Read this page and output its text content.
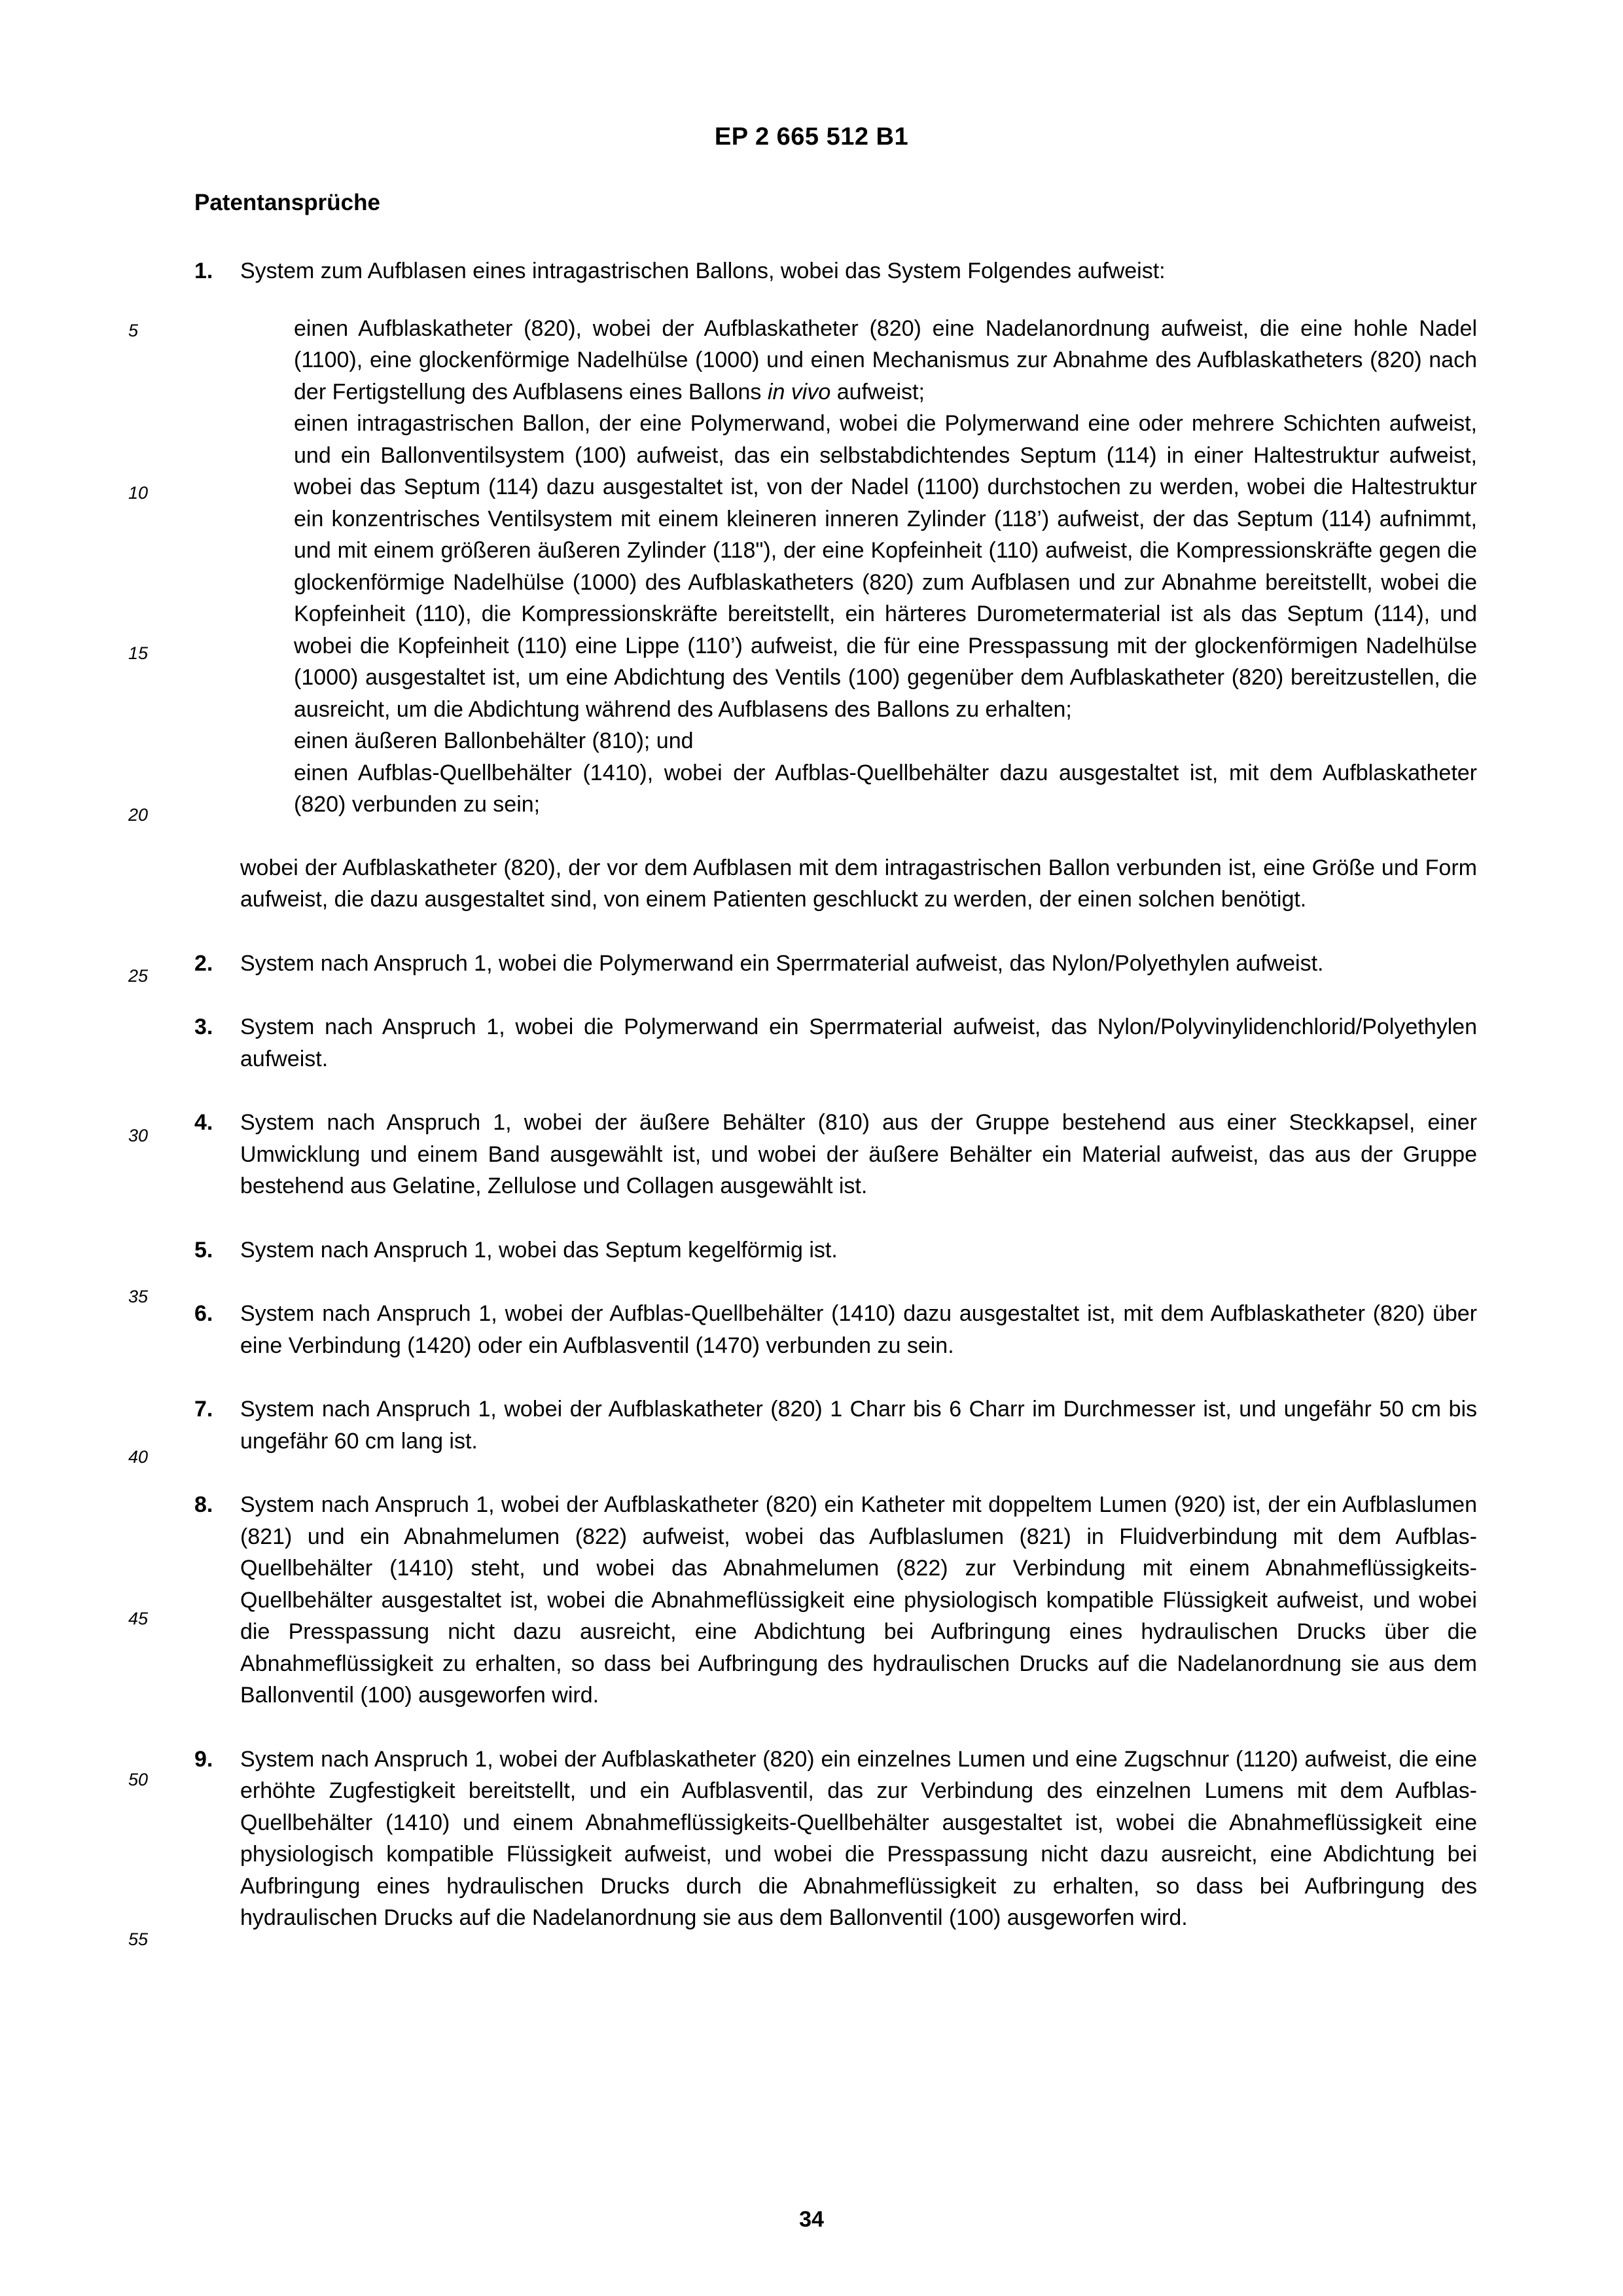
EP 2 665 512 B1
Patentansprüche
5
10
15
20
25
30
35
40
45
50
55
1.	System zum Aufblasen eines intragastrischen Ballons, wobei das System Folgendes aufweist:

einen Aufblaskatheter (820), wobei der Aufblaskatheter (820) eine Nadelanordnung aufweist, die eine hohle Nadel (1100), eine glockenförmige Nadelhülse (1000) und einen Mechanismus zur Abnahme des Aufblaskatheters (820) nach der Fertigstellung des Aufblasens eines Ballons in vivo aufweist;

einen intragastrischen Ballon, der eine Polymerwand, wobei die Polymerwand eine oder mehrere Schichten aufweist, und ein Ballonventilsystem (100) aufweist, das ein selbstabdichtendes Septum (114) in einer Haltestruktur aufweist, wobei das Septum (114) dazu ausgestaltet ist, von der Nadel (1100) durchstochen zu werden, wobei die Haltestruktur ein konzentrisches Ventilsystem mit einem kleineren inneren Zylinder (118’) aufweist, der das Septum (114) aufnimmt, und mit einem größeren äußeren Zylinder (118"), der eine Kopfeinheit (110) aufweist, die Kompressionskräfte gegen die glockenförmige Nadelhülse (1000) des Aufblaskatheters (820) zum Aufblasen und zur Abnahme bereitstellt, wobei die Kopfeinheit (110), die Kompressionskräfte bereitstellt, ein härteres Durometermaterial ist als das Septum (114), und wobei die Kopfeinheit (110) eine Lippe (110’) aufweist, die für eine Presspassung mit der glockenförmigen Nadelhülse (1000) ausgestaltet ist, um eine Abdichtung des Ventils (100) gegenüber dem Aufblaskatheter (820) bereitzustellen, die ausreicht, um die Abdichtung während des Aufblasens des Ballons zu erhalten;

einen äußeren Ballonbehälter (810); und

einen Aufblas-Quellbehälter (1410), wobei der Aufblas-Quellbehälter dazu ausgestaltet ist, mit dem Aufblaskatheter (820) verbunden zu sein;

wobei der Aufblaskatheter (820), der vor dem Aufblasen mit dem intragastrischen Ballon verbunden ist, eine Größe und Form aufweist, die dazu ausgestaltet sind, von einem Patienten geschluckt zu werden, der einen solchen benötigt.

2.	System nach Anspruch 1, wobei die Polymerwand ein Sperrmaterial aufweist, das Nylon/Polyethylen aufweist.
3.	System nach Anspruch 1, wobei die Polymerwand ein Sperrmaterial aufweist, das Nylon/Polyvinylidenchlorid/Polyethylen aufweist.
4.	System nach Anspruch 1, wobei der äußere Behälter (810) aus der Gruppe bestehend aus einer Steckkapsel, einer Umwicklung und einem Band ausgewählt ist, und wobei der äußere Behälter ein Material aufweist, das aus der Gruppe bestehend aus Gelatine, Zellulose und Collagen ausgewählt ist.
5.	System nach Anspruch 1, wobei das Septum kegelförmig ist.
6.	System nach Anspruch 1, wobei der Aufblas-Quellbehälter (1410) dazu ausgestaltet ist, mit dem Aufblaskatheter (820) über eine Verbindung (1420) oder ein Aufblasventil (1470) verbunden zu sein.
7.	System nach Anspruch 1, wobei der Aufblaskatheter (820) 1 Charr bis 6 Charr im Durchmesser ist, und ungefähr 50 cm bis ungefähr 60 cm lang ist.
8.	System nach Anspruch 1, wobei der Aufblaskatheter (820) ein Katheter mit doppeltem Lumen (920) ist, der ein Aufblaslumen (821) und ein Abnahmelumen (822) aufweist, wobei das Aufblaslumen (821) in Fluidverbindung mit dem Aufblas-Quellbehälter (1410) steht, und wobei das Abnahmelumen (822) zur Verbindung mit einem Abnahmeflüssigkeits-Quellbehälter ausgestaltet ist, wobei die Abnahmeflüssigkeit eine physiologisch kompatible Flüssigkeit aufweist, und wobei die Presspassung nicht dazu ausreicht, eine Abdichtung bei Aufbringung eines hydraulischen Drucks über die Abnahmeflüssigkeit zu erhalten, so dass bei Aufbringung des hydraulischen Drucks auf die Nadelanordnung sie aus dem Ballonventil (100) ausgeworfen wird.
9.	System nach Anspruch 1, wobei der Aufblaskatheter (820) ein einzelnes Lumen und eine Zugschnur (1120) aufweist, die eine erhöhte Zugfestigkeit bereitstellt, und ein Aufblasventil, das zur Verbindung des einzelnen Lumens mit dem Aufblas-Quellbehälter (1410) und einem Abnahmeflüssigkeits-Quellbehälter ausgestaltet ist, wobei die Abnahmeflüssigkeit eine physiologisch kompatible Flüssigkeit aufweist, und wobei die Presspassung nicht dazu ausreicht, eine Abdichtung bei Aufbringung eines hydraulischen Drucks durch die Abnahmeflüssigkeit zu erhalten, so dass bei Aufbringung des hydraulischen Drucks auf die Nadelanordnung sie aus dem Ballonventil (100) ausgeworfen wird.
34
